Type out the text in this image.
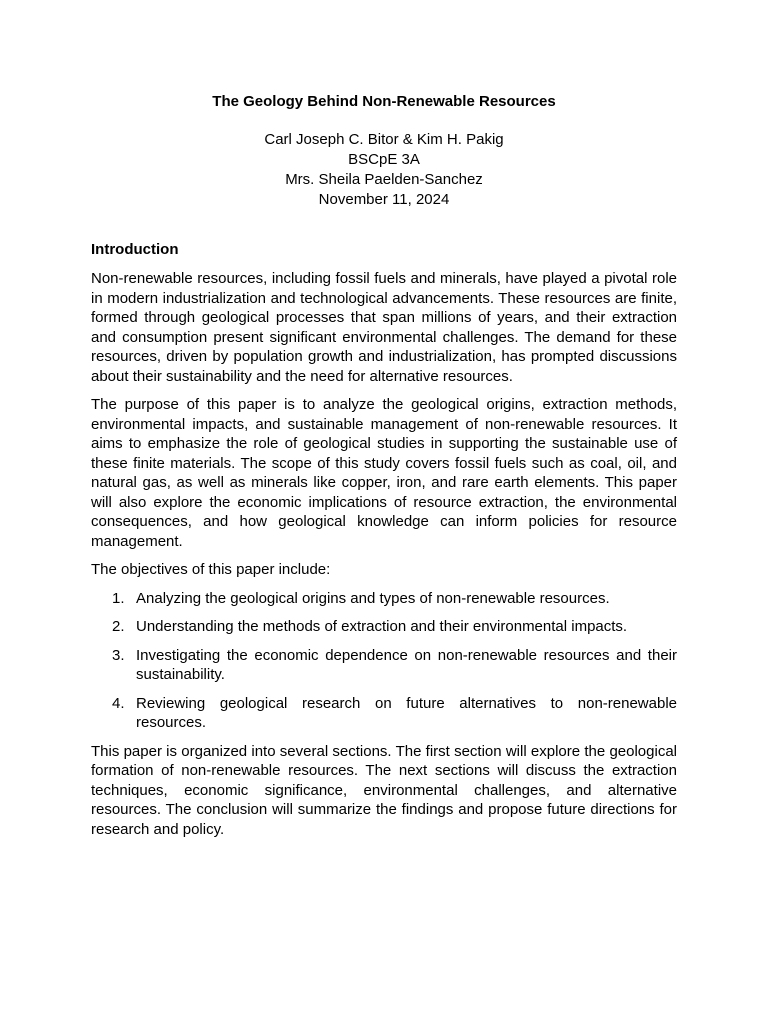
The Geology Behind Non-Renewable Resources
Carl Joseph C. Bitor & Kim H. Pakig
BSCpE 3A
Mrs. Sheila Paelden-Sanchez
November 11, 2024
Introduction

Non-renewable resources, including fossil fuels and minerals, have played a pivotal role in modern industrialization and technological advancements. These resources are finite, formed through geological processes that span millions of years, and their extraction and consumption present significant environmental challenges. The demand for these resources, driven by population growth and industrialization, has prompted discussions about their sustainability and the need for alternative resources.

The purpose of this paper is to analyze the geological origins, extraction methods, environmental impacts, and sustainable management of non-renewable resources. It aims to emphasize the role of geological studies in supporting the sustainable use of these finite materials. The scope of this study covers fossil fuels such as coal, oil, and natural gas, as well as minerals like copper, iron, and rare earth elements. This paper will also explore the economic implications of resource extraction, the environmental consequences, and how geological knowledge can inform policies for resource management.

The objectives of this paper include:

1. Analyzing the geological origins and types of non-renewable resources.
2. Understanding the methods of extraction and their environmental impacts.
3. Investigating the economic dependence on non-renewable resources and their sustainability.
4. Reviewing geological research on future alternatives to non-renewable resources.

This paper is organized into several sections. The first section will explore the geological formation of non-renewable resources. The next sections will discuss the extraction techniques, economic significance, environmental challenges, and alternative resources. The conclusion will summarize the findings and propose future directions for research and policy.
